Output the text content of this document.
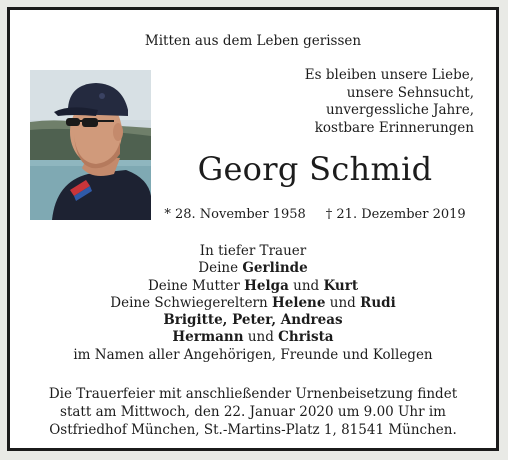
Mitten aus dem Leben gerissen
Es bleiben unsere Liebe,
unsere Sehnsucht,
unvergessliche Jahre,
kostbare Erinnerungen
Georg Schmid
* 28. November 1958 † 21. Dezember 2019
In tiefer Trauer
Deine Gerlinde
Deine Mutter Helga und Kurt
Deine Schwiegereltern Helene und Rudi
Brigitte, Peter, Andreas
Hermann und Christa
im Namen aller Angehörigen, Freunde und Kollegen
Die Trauerfeier mit anschließender Urnenbeisetzung findet
statt am Mittwoch, den 22. Januar 2020 um 9.00 Uhr im
Ostfriedhof München, St.-Martins-Platz 1, 81541 München.
